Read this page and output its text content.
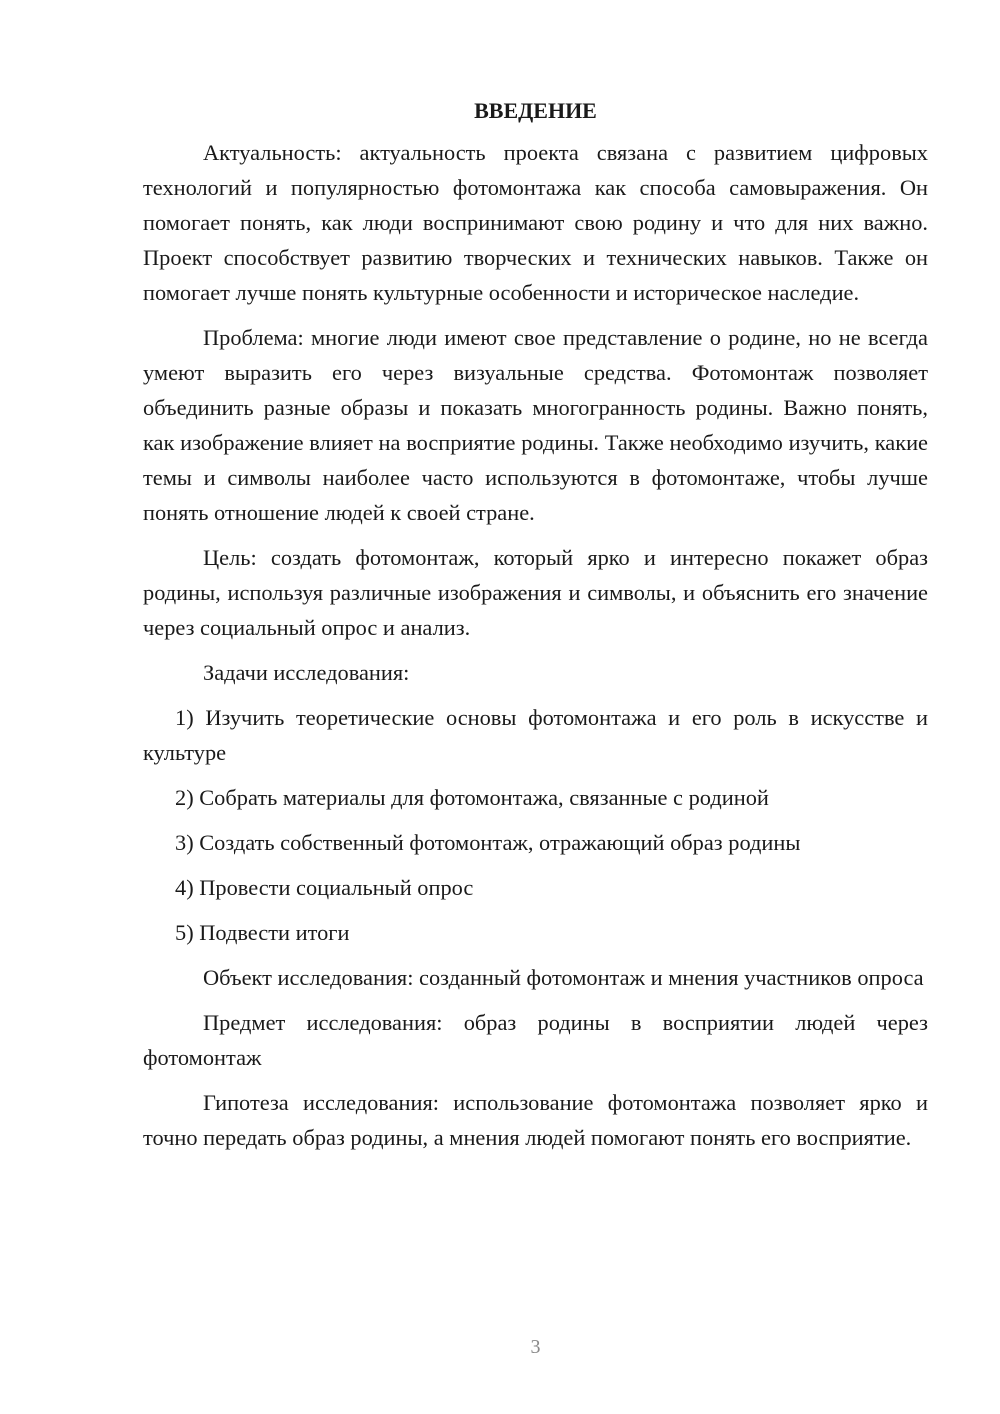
ВВЕДЕНИЕ

Актуальность: актуальность проекта связана с развитием цифровых технологий и популярностью фотомонтажа как способа самовыражения. Он помогает понять, как люди воспринимают свою родину и что для них важно. Проект способствует развитию творческих и технических навыков. Также он помогает лучше понять культурные особенности и историческое наследие.

Проблема: многие люди имеют свое представление о родине, но не всегда умеют выразить его через визуальные средства. Фотомонтаж позволяет объединить разные образы и показать многогранность родины. Важно понять, как изображение влияет на восприятие родины. Также необходимо изучить, какие темы и символы наиболее часто используются в фотомонтаже, чтобы лучше понять отношение людей к своей стране.

Цель: создать фотомонтаж, который ярко и интересно покажет образ родины, используя различные изображения и символы, и объяснить его значение через социальный опрос и анализ.

Задачи исследования:

1) Изучить теоретические основы фотомонтажа и его роль в искусстве и культуре

2) Собрать материалы для фотомонтажа, связанные с родиной

3) Создать собственный фотомонтаж, отражающий образ родины

4) Провести социальный опрос

5) Подвести итоги

Объект исследования: созданный фотомонтаж и мнения участников опроса

Предмет исследования: образ родины в восприятии людей через фотомонтаж

Гипотеза исследования: использование фотомонтажа позволяет ярко и точно передать образ родины, а мнения людей помогают понять его восприятие.

3
